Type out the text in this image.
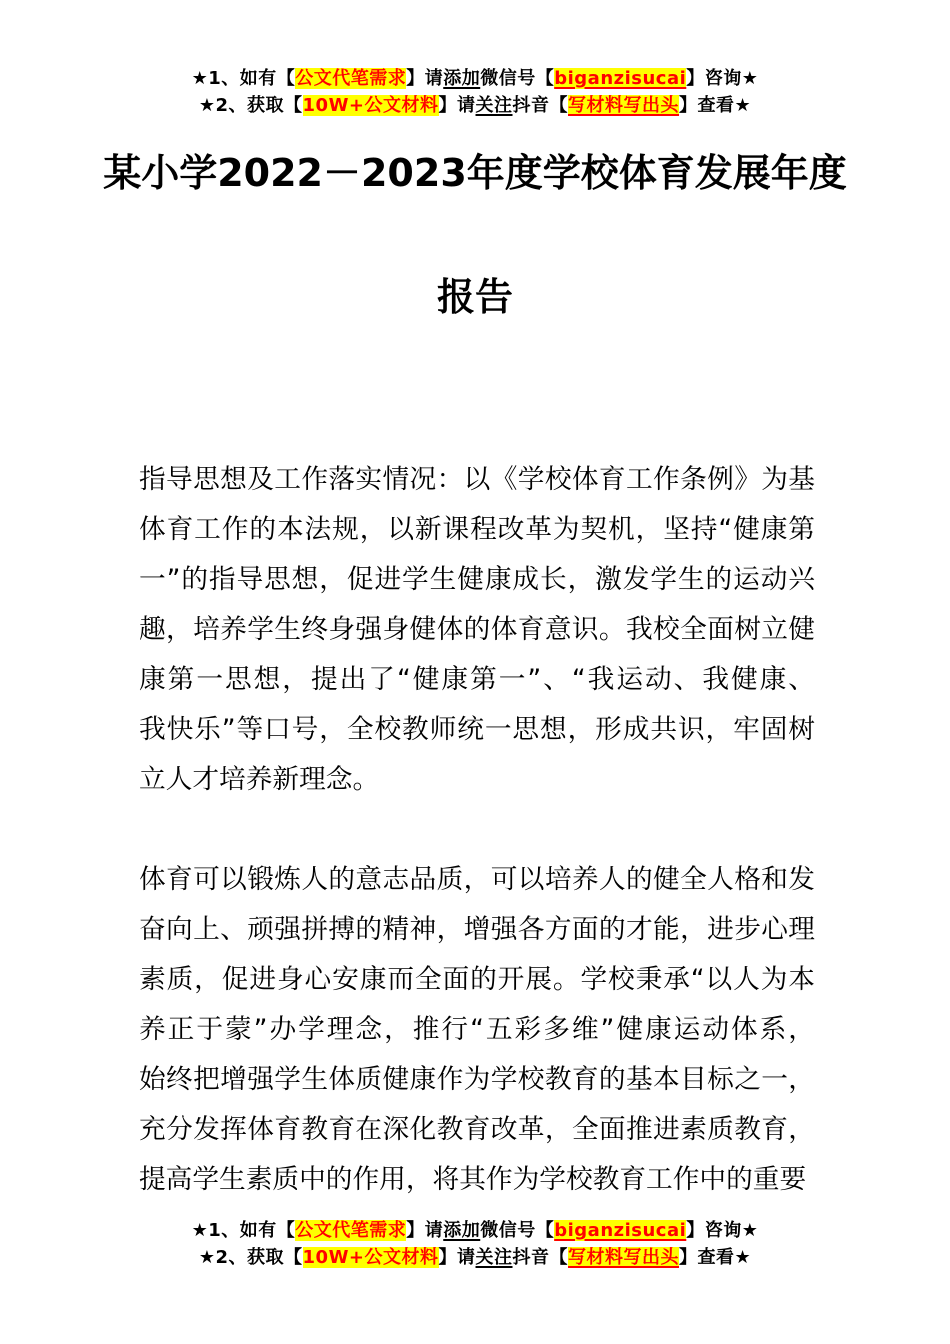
★1、如有【公文代笔需求】请添加微信号【biganzisucai】咨询★
★2、获取【10W+公文材料】请关注抖音【写材料写出头】查看★
某小学2022－2023年度学校体育发展年度
报告
指导思想及工作落实情况：以《学校体育工作条例》为基
体育工作的本法规，以新课程改革为契机，坚持“健康第
一”的指导思想，促进学生健康成长，激发学生的运动兴
趣，培养学生终身强身健体的体育意识。我校全面树立健
康第一思想，提出了“健康第一”、“我运动、我健康、
我快乐”等口号，全校教师统一思想，形成共识，牢固树
立人才培养新理念。
体育可以锻炼人的意志品质，可以培养人的健全人格和发
奋向上、顽强拼搏的精神，增强各方面的才能，进步心理
素质，促进身心安康而全面的开展。学校秉承“以人为本
养正于蒙”办学理念，推行“五彩多维”健康运动体系，
始终把增强学生体质健康作为学校教育的基本目标之一，
充分发挥体育教育在深化教育改革，全面推进素质教育，
提高学生素质中的作用，将其作为学校教育工作中的重要
★1、如有【公文代笔需求】请添加微信号【biganzisucai】咨询★
★2、获取【10W+公文材料】请关注抖音【写材料写出头】查看★
